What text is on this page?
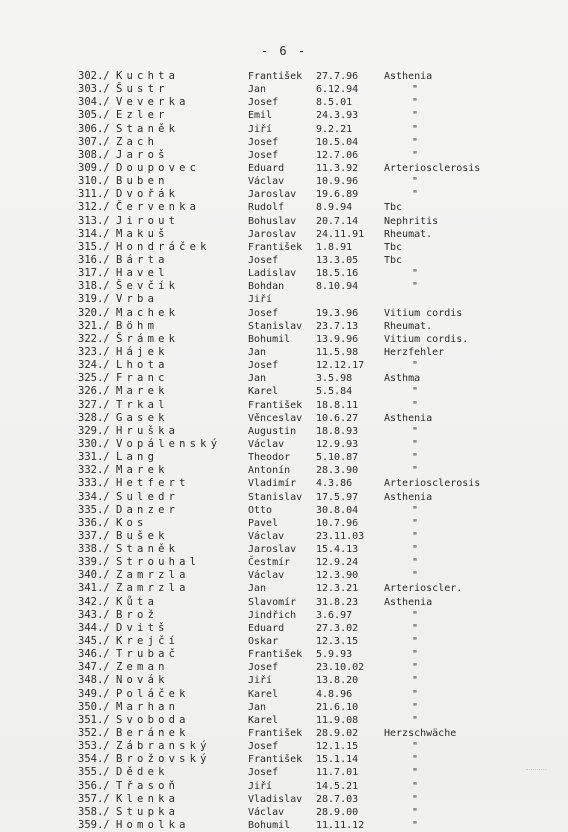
- 6 -
302./ Kuchta	František 27.7.96	Asthenia
303./ Šustr	Jan	6.12.94	"
304./ Veverka	Josef	8.5.01	"
305./ Ezler	Emil	24.3.93	"
306./ Staněk	Jiří	9.2.21	"
307./ Zach	Josef	10.5.04	"
308./ Jaroš	Josef	12.7.06	"
309./ Doupovec	Eduard	11.3.92	Arteriosclerosis
310./ Buben	Václav	10.9.96	"
311./ Dvořák	Jaroslav 19.6.89	"
312./ Červenka	Rudolf	8.9.94	Tbc
313./ Jirout	Bohuslav 20.7.14	Nephritis
314./ Makuš	Jaroslav 24.11.91 Rheumat.
315./ Hondráček	František 1.8.91	Tbc
316./ Bárta	Josef	13.3.05	Tbc
317./ Havel	Ladislav 18.5.16	"
318./ Ševčík	Bohdan	8.10.94	"
319./ Vrba	Jiří
320./ Machek	Josef	19.3.96	Vitium cordis
321./ Böhm	Stanislav 23.7.13	Rheumat.
322./ Šrámek	Bohumil	13.9.96	Vitium cordis.
323./ Hájek	Jan	11.5.98	Herzfehler
324./ Lhota	Josef	12.12.17	"
325./ Franc	Jan	3.5.98	Asthma
326./ Marek	Karel	5.5.84	"
327./ Trkal	František 18.8.11	"
328./ Gasek	Věnceslav 10.6.27	Asthenia
329./ Hruška	Augustin 18.8.93	"
330./ Vopálenský	Václav	12.9.93	"
331./ Lang	Theodor	5.10.87	"
332./ Marek	Antonín	28.3.90	"
333./ Hetfert	Vladimír 4.3.86	Arteriosclerosis
334./ Suledr	Stanislav 17.5.97	Asthenia
335./ Danzer	Otto	30.8.04	"
336./ Kos	Pavel	10.7.96	"
337./ Bušek	Václav	23.11.03	"
338./ Staněk	Jaroslav 15.4.13	"
339./ Strouhal	Čestmír	12.9.24	"
340./ Zamrzla	Václav	12.3.90	"
341./ Zamrzla	Jan	12.3.21	Arterioscler.
342./ Kůta	Slavomír 31.8.23	Asthenia
343./ Brož	Jindřich 3.6.97	"
344./ Dvitš	Eduard	27.3.02	"
345./ Krejčí	Oskar	12.3.15	"
346./ Trubač	František 5.9.93	"
347./ Zeman	Josef	23.10.02	"
348./ Novák	Jiří	13.8.20	"
349./ Poláček	Karel	4.8.96	"
350./ Marhan	Jan	21.6.10	"
351./ Svoboda	Karel	11.9.08	"
352./ Beránek	František 28.9.02	Herzschwäche
353./ Zábranský	Josef	12.1.15	"
354./ Brožovský	František 15.1.14	"
355./ Dědek	Josef	11.7.01	"
356./ Třasoň	Jiří	14.5.21	"
357./ Klenka	Vladislav 28.7.03	"
358./ Stupka	Václav	28.9.00	"
359./ Homolka	Bohumil	11.11.12	"
